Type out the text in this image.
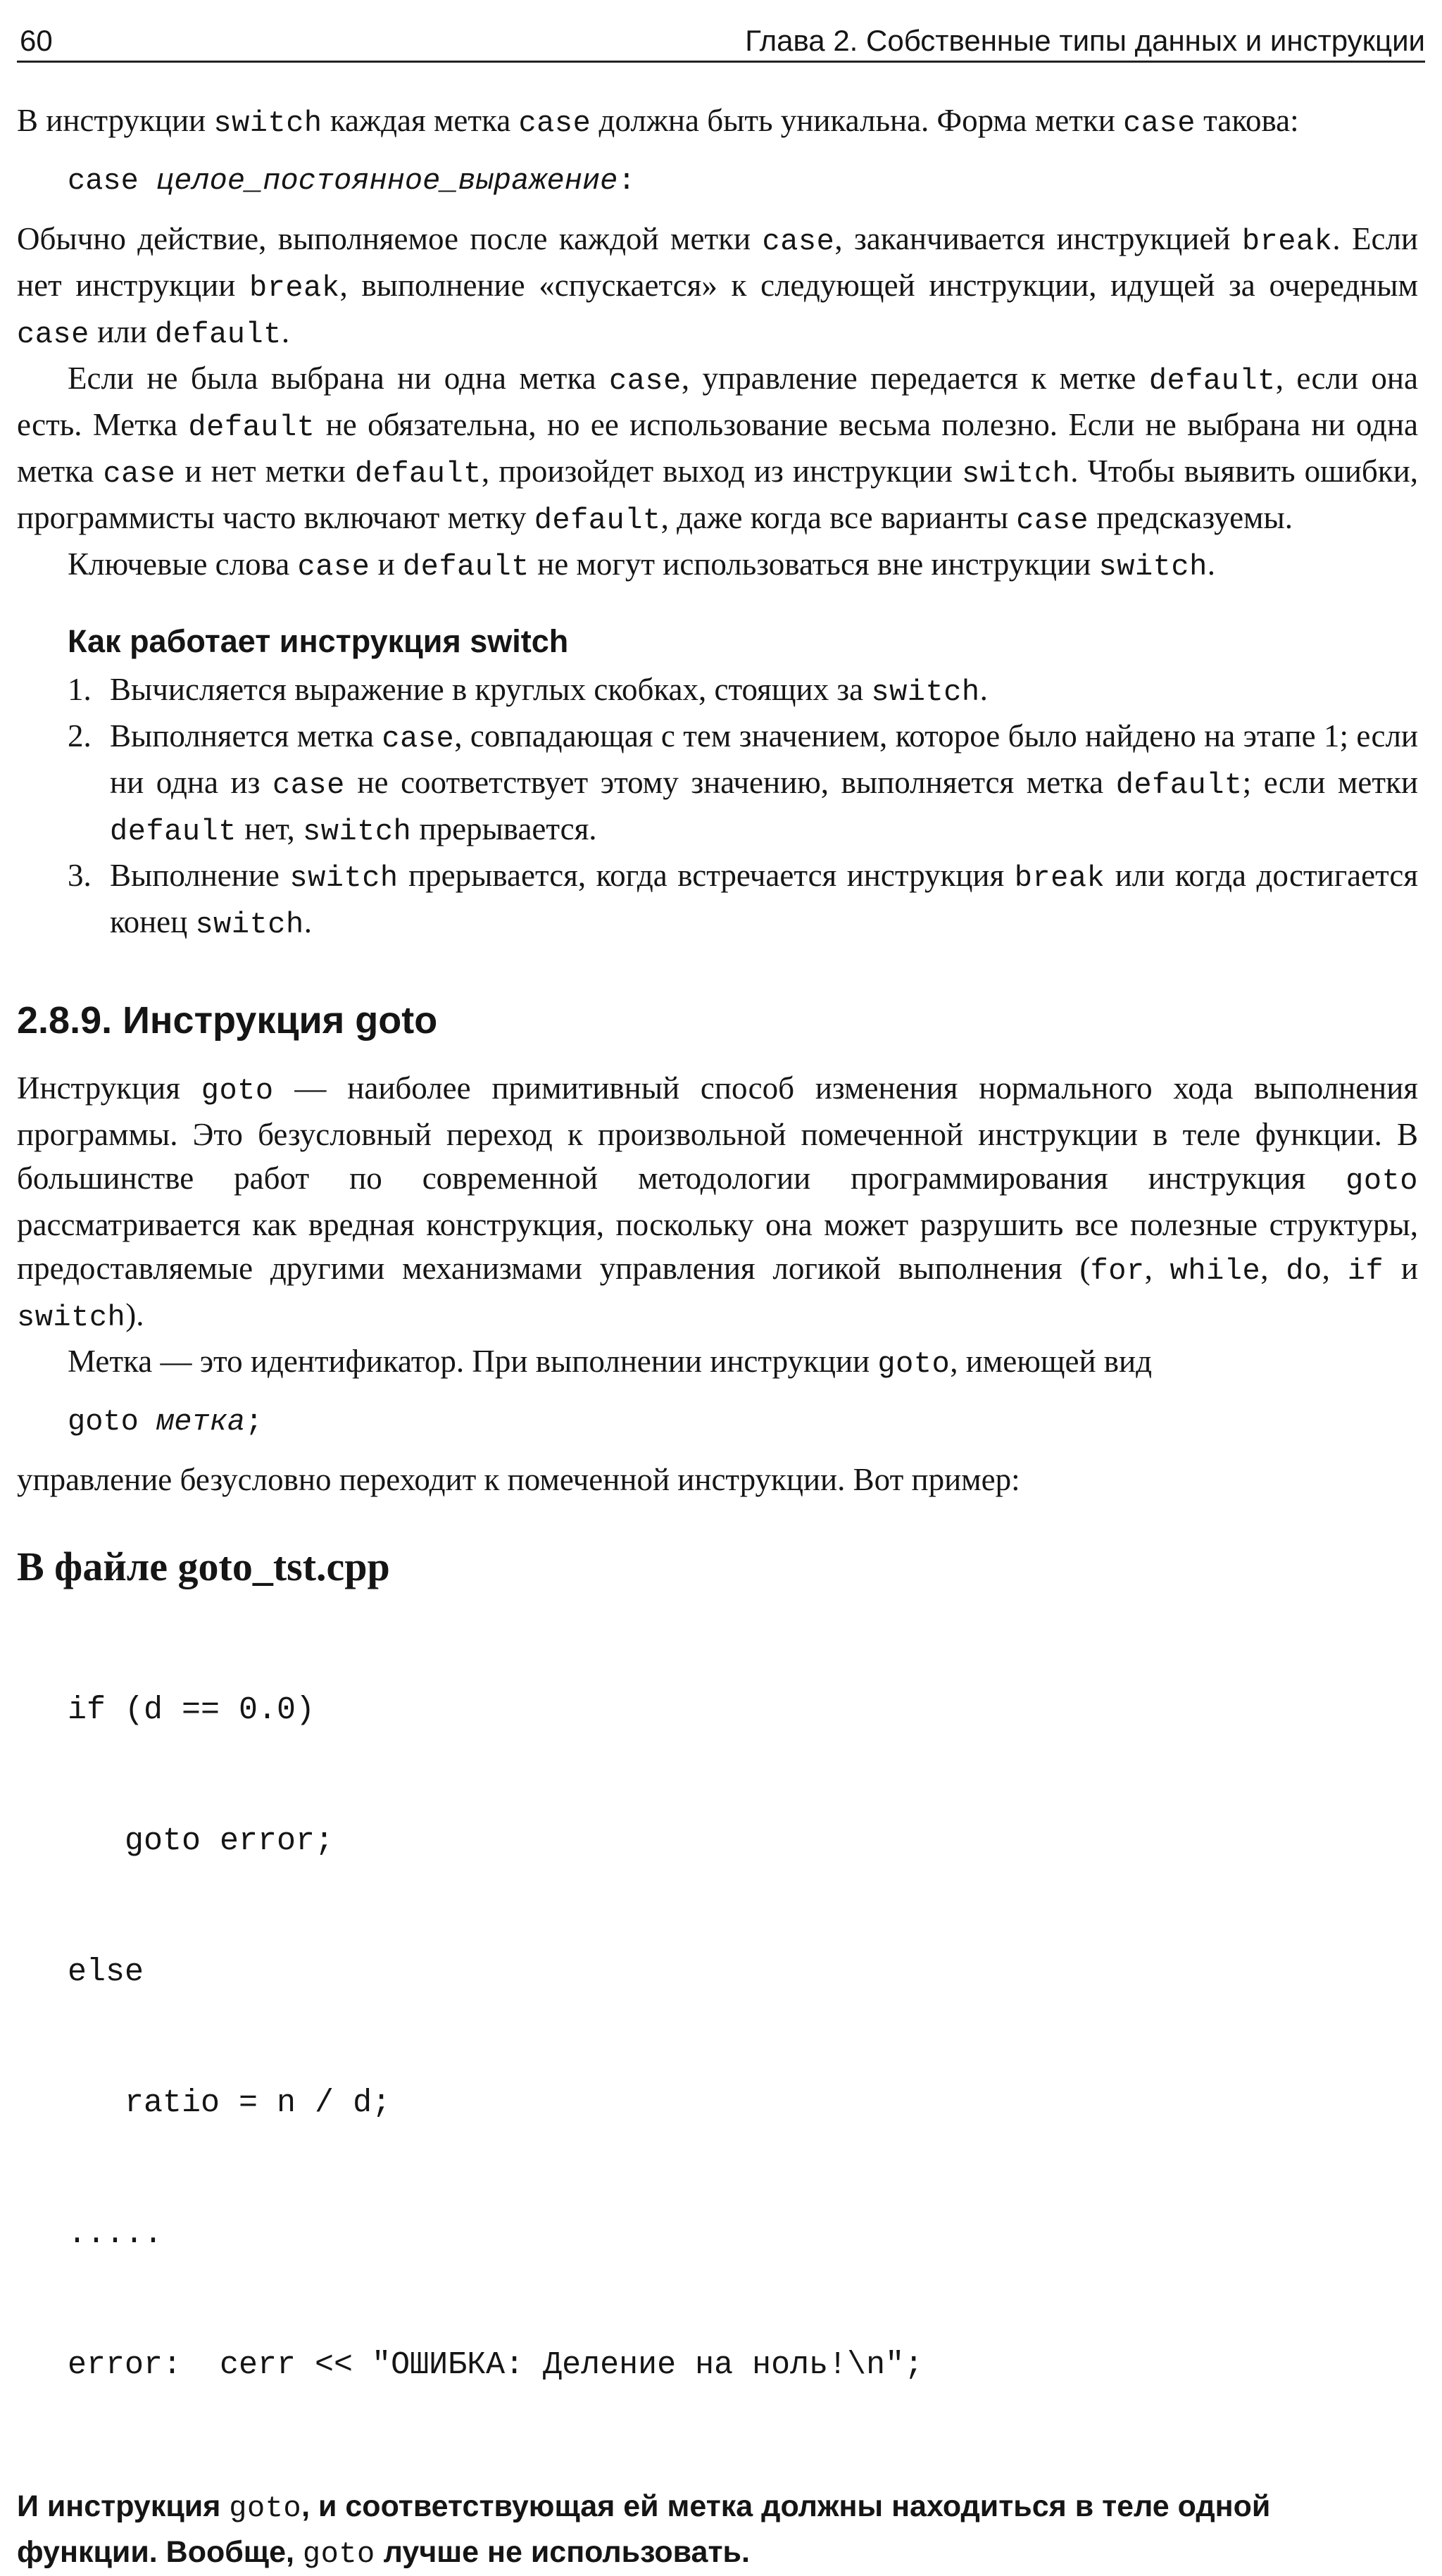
60	Глава 2. Собственные типы данных и инструкции

В инструкции switch каждая метка case должна быть уникальна. Форма метки case такова:

case целое_постоянное_выражение:

Обычно действие, выполняемое после каждой метки case, заканчивается инструкцией break. Если нет инструкции break, выполнение «спускается» к следующей инструкции, идущей за очередным case или default.

Если не была выбрана ни одна метка case, управление передается к метке default, если она есть. Метка default не обязательна, но ее использование весьма полезно. Если не выбрана ни одна метка case и нет метки default, произойдет выход из инструкции switch. Чтобы выявить ошибки, программисты часто включают метку default, даже когда все варианты case предсказуемы.

Ключевые слова case и default не могут использоваться вне инструкции switch.

Как работает инструкция switch
1. Вычисляется выражение в круглых скобках, стоящих за switch.
2. Выполняется метка case, совпадающая с тем значением, которое было найдено на этапе 1; если ни одна из case не соответствует этому значению, выполняется метка default; если метки default нет, switch прерывается.
3. Выполнение switch прерывается, когда встречается инструкция break или когда достигается конец switch.
2.8.9. Инструкция goto

Инструкция goto — наиболее примитивный способ изменения нормального хода выполнения программы. Это безусловный переход к произвольной помеченной инструкции в теле функции. В большинстве работ по современной методологии программирования инструкция goto рассматривается как вредная конструкция, поскольку она может разрушить все полезные структуры, предоставляемые другими механизмами управления логикой выполнения (for, while, do, if и switch).

Метка — это идентификатор. При выполнении инструкции goto, имеющей вид

goto метка;

управление безусловно переходит к помеченной инструкции. Вот пример:

В файле goto_tst.cpp

if (d == 0.0)

goto error;

else

ratio = n / d;

.....

error:  cerr << "ОШИБКА: Деление на ноль!\n";

И инструкция goto, и соответствующая ей метка должны находиться в теле одной функции. Вообще, goto лучше не использовать.
